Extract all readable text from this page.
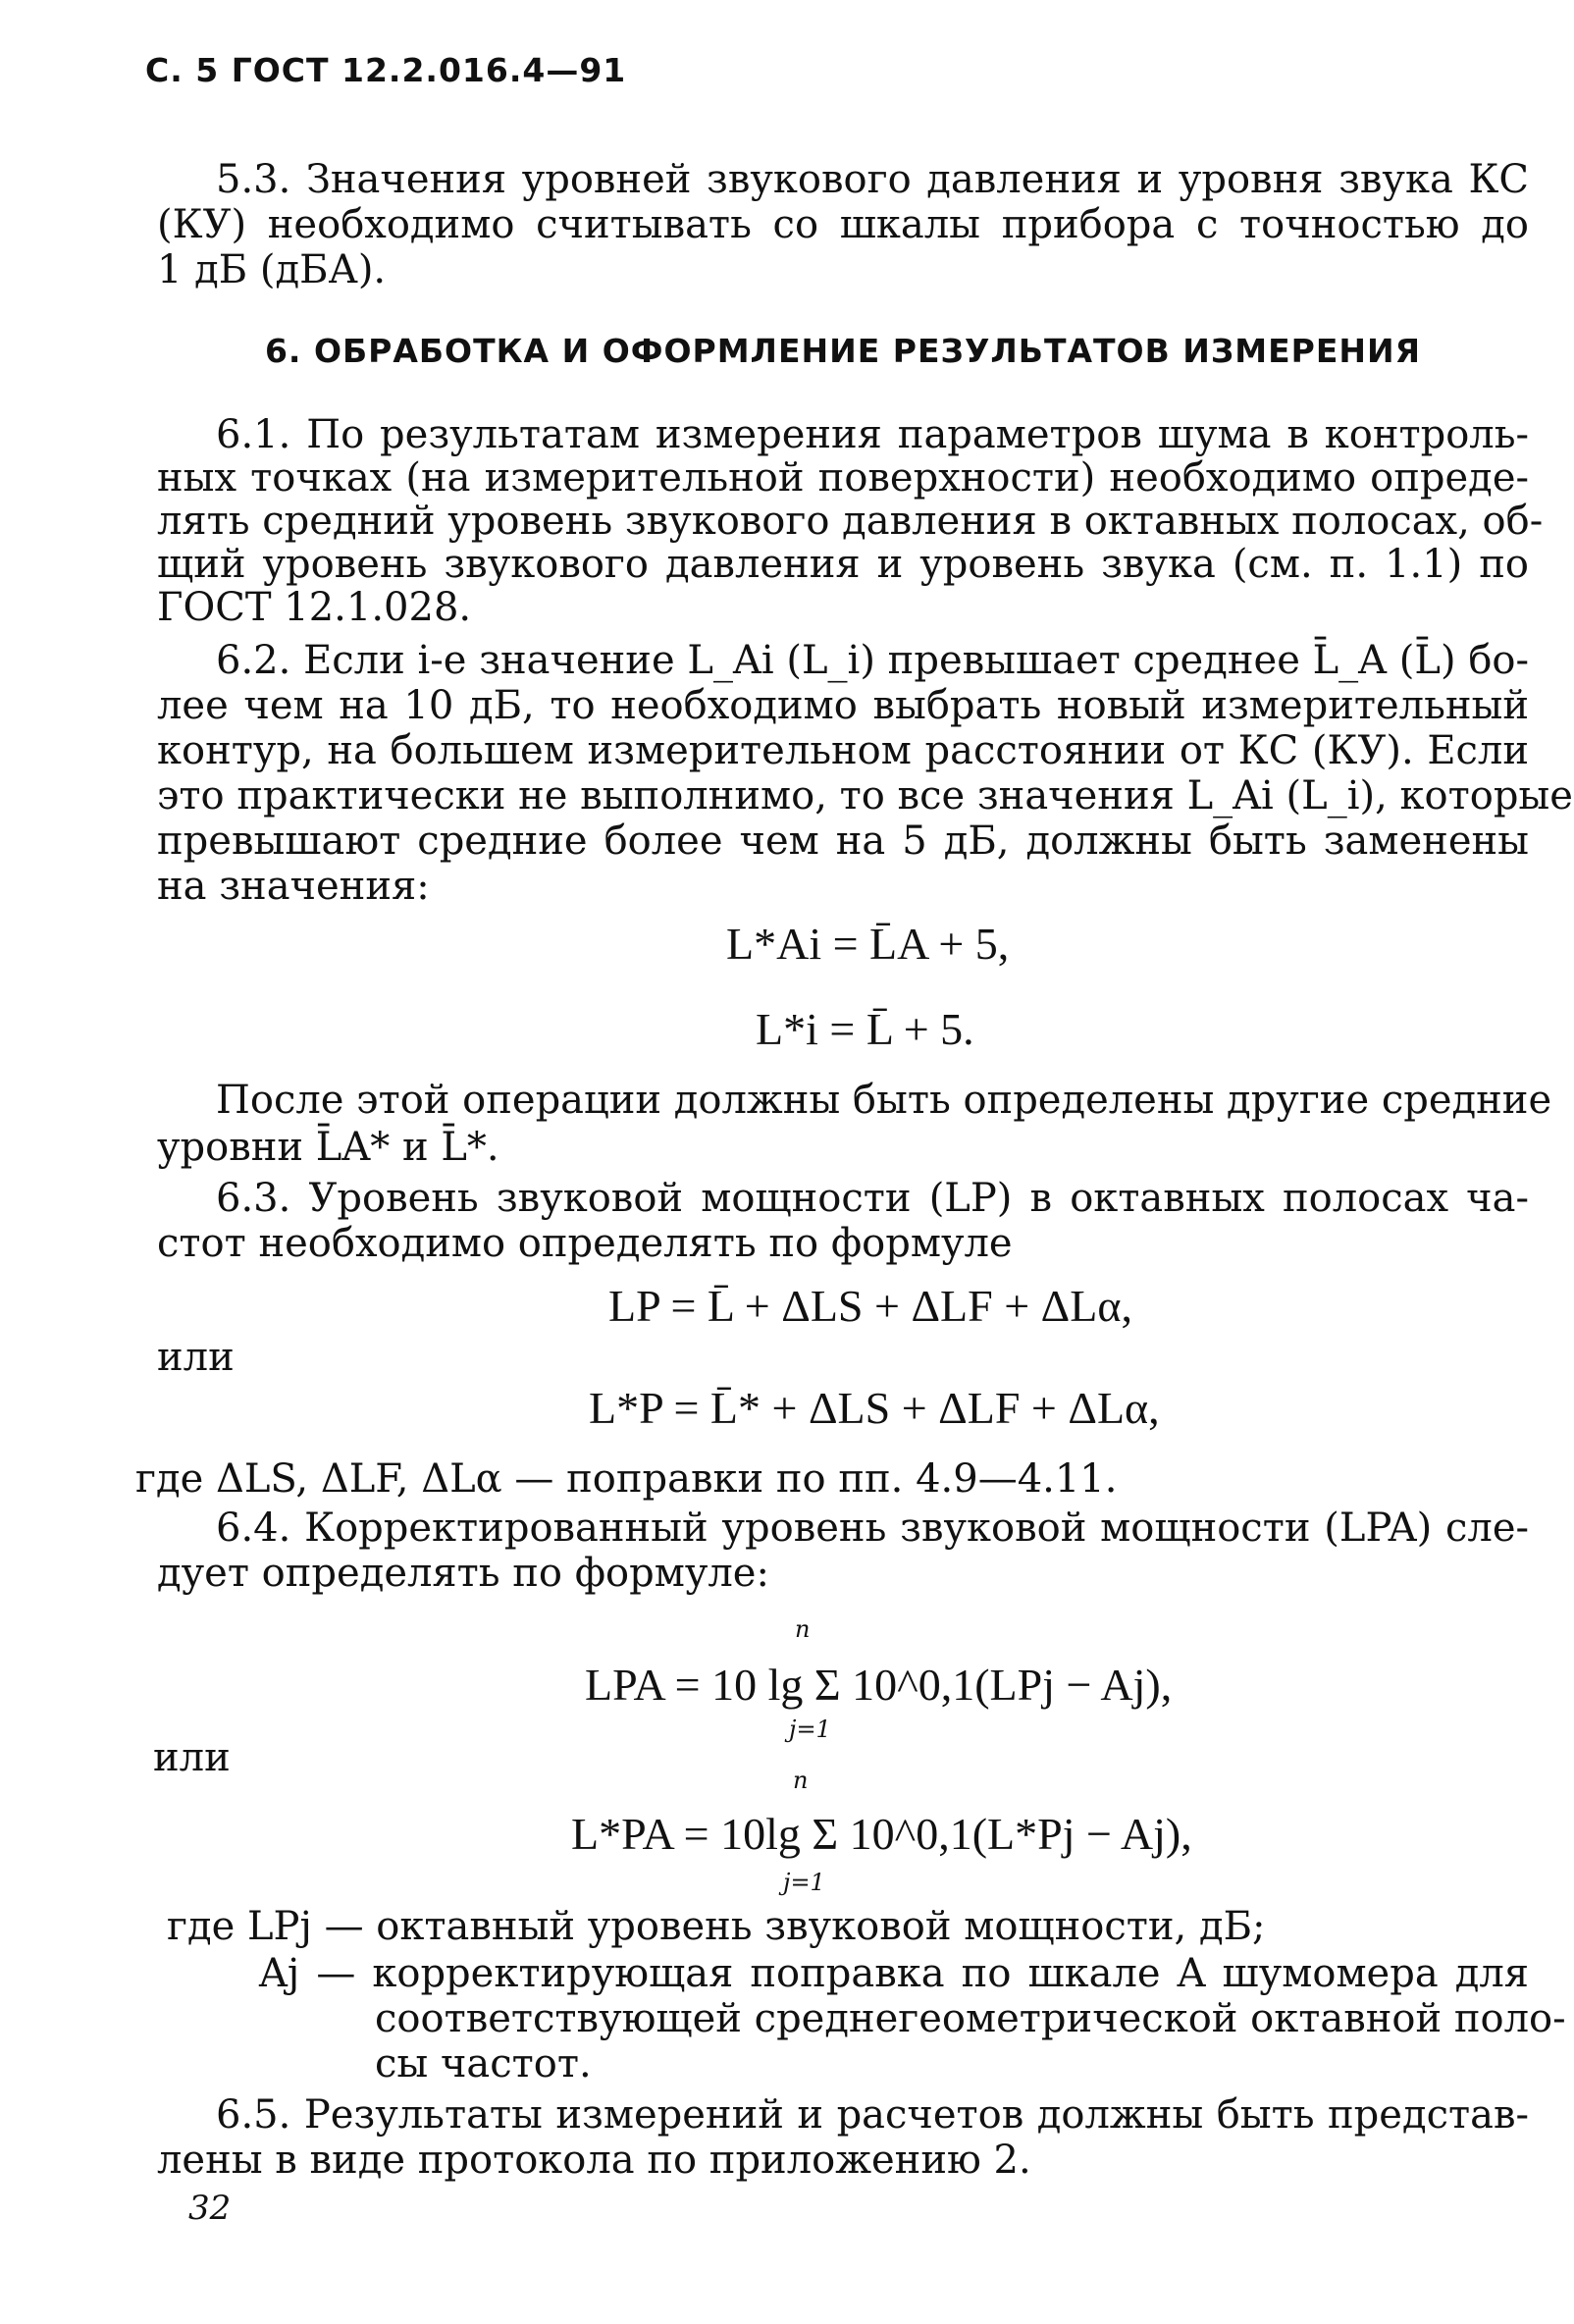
С. 5 ГОСТ 12.2.016.4—91
5.3. Значения уровней звукового давления и уровня звука КС
(КУ) необходимо считывать со шкалы прибора с точностью до
1 дБ (дБА).
6. ОБРАБОТКА И ОФОРМЛЕНИЕ РЕЗУЛЬТАТОВ ИЗМЕРЕНИЯ
6.1. По результатам измерения параметров шума в контроль-
ных точках (на измерительной поверхности) необходимо опреде-
лять средний уровень звукового давления в октавных полосах, об-
щий уровень звукового давления и уровень звука (см. п. 1.1) по
ГОСТ 12.1.028.
6.2. Если i-е значение L_Ai (L_i) превышает среднее L̄_A (L̄) бо-
лее чем на 10 дБ, то необходимо выбрать новый измерительный
контур, на большем измерительном расстоянии от КС (КУ). Если
это практически не выполнимо, то все значения L_Ai (L_i), которые
превышают средние более чем на 5 дБ, должны быть заменены
на значения:
L*Ai = L̄A + 5,
L*i = L̄ + 5.
После этой операции должны быть определены другие средние
уровни L̄A* и L̄*.
6.3. Уровень звуковой мощности (LP) в октавных полосах ча-
стот необходимо определять по формуле
LP = L̄ + ΔLS + ΔLF + ΔLα,
или
L*P = L̄* + ΔLS + ΔLF + ΔLα,
где ΔLS, ΔLF, ΔLα — поправки по пп. 4.9—4.11.
6.4. Корректированный уровень звуковой мощности (LPA) сле-
дует определять по формуле:
LPA = 10 lg Σ 10^0,1(LPj − Aj),
n
j=1
или
L*PA = 10lg Σ 10^0,1(L*Pj − Aj),
n
j=1
где LPj — октавный уровень звуковой мощности, дБ;
Aj — корректирующая поправка по шкале A шумомера для
соответствующей среднегеометрической октавной поло-
сы частот.
6.5. Результаты измерений и расчетов должны быть представ-
лены в виде протокола по приложению 2.
32
